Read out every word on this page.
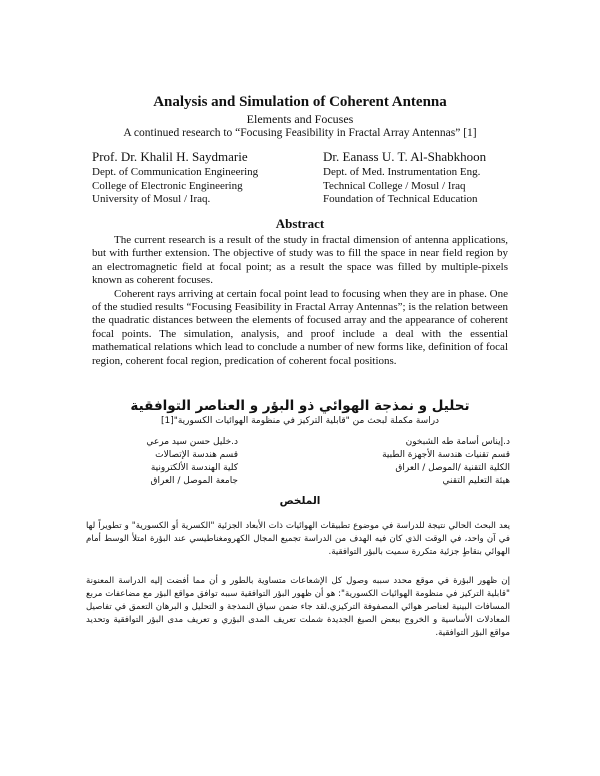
Analysis and Simulation of Coherent Antenna
Elements and Focuses
A continued research to “Focusing Feasibility in Fractal Array Antennas” [1]
Prof. Dr. Khalil H. Saydmarie
Dept. of Communication Engineering
College of Electronic Engineering
University of Mosul / Iraq.
Dr. Eanass U. T. Al-Shabkhoon
Dept. of Med. Instrumentation Eng.
Technical College / Mosul / Iraq
Foundation of Technical Education
Abstract

The current research is a result of the study in fractal dimension of antenna applications, but with further extension. The objective of study was to fill the space in near field region by an electromagnetic field at focal point; as a result the space was filled by multiple-pixels known as coherent focuses.

Coherent rays arriving at certain focal point lead to focusing when they are in phase. One of the studied results “Focusing Feasibility in Fractal Array Antennas”; is the relation between the quadratic distances between the elements of focused array and the appearance of coherent focal points. The simulation, analysis, and proof include a deal with the essential mathematical relations which lead to conclude a number of new forms like, definition of focal region, coherent focal region, predication of coherent focal positions.

تحليل و نمذجة الهوائي ذو البؤر و العناصر التوافقية
دراسة مكملة لبحث من "قابلية التركيز في منظومة الهوائيات الكسورية"[1]
د.إيناس أسامة طه الشبخون
قسم تقنيات هندسة الأجهزة الطبية
الكلية التقنية /الموصل / العراق
هيئة التعليم التقني
د.خليل حسن سيد مرعي
قسم هندسة الإتصالات
كلية الهندسة الألكترونية
جامعة الموصل / العراق
الملخص

يعد البحث الحالي نتيجة للدراسة في موضوع تطبيقات الهوائيات ذات الأبعاد الجزئية "الكسرية أو الكسورية" و تطويراً لها في آن واحد، في الوقت الذي كان فيه الهدف من الدراسة تجميع المجال الكهرومغناطيسي عند البؤرة امتلأ الوسط أمام الهوائي بنقاطٍ جزئية متكررة سميت بالبؤر التوافقية.

إن ظهور البؤرة في موقع محدد سببه وصول كل الإشعاعات متساوية بالطور و أن مما أفضت إليه الدراسة المعنونة "قابلية التركيز في منظومة الهوائيات الكسورية": هو أن ظهور البؤر التوافقية سببه توافق مواقع البؤر مع مضاعفات مربع المسافات البينية لعناصر هوائي المصفوفة التركيزي.لقد جاء ضمن سياق النمذجة و التحليل و البرهان التعمق في تفاصيل المعادلات الأساسية و الخروج ببعض الصيغ الجديدة شملت تعريف المدى البؤري و تعريف مدى البؤر التوافقية وتحديد مواقع البؤر التوافقية.
